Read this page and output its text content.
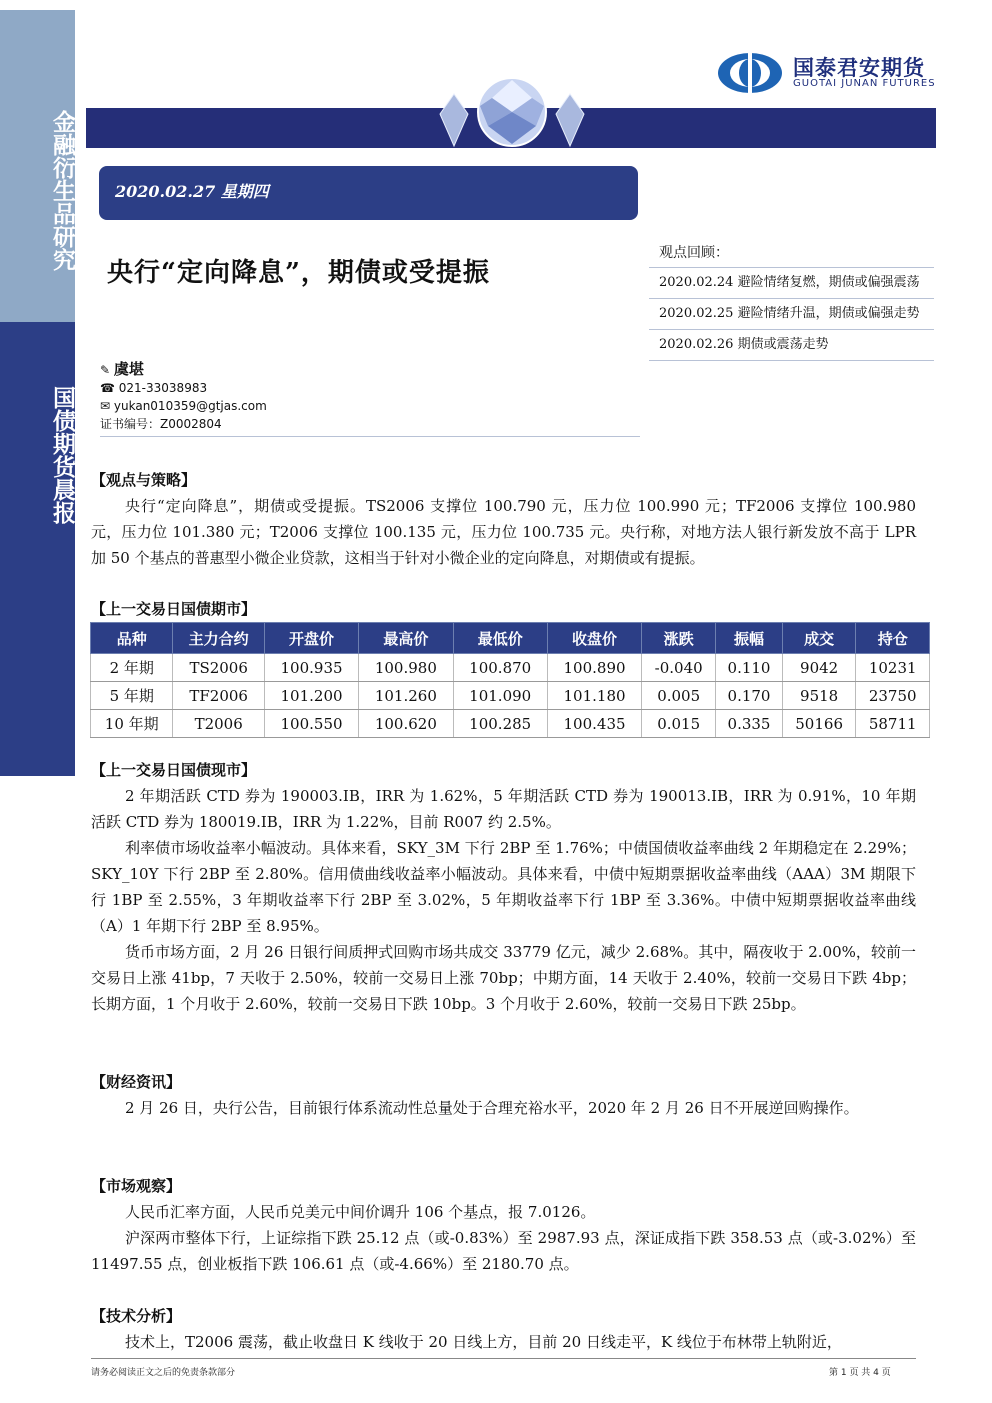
金融衍生品研究
国债期货晨报
国泰君安期货
GUOTAI JUNAN FUTURES
2020.02.27 星期四
央行“定向降息”，期债或受提振
观点回顾：
2020.02.24 避险情绪复燃，期债或偏强震荡
2020.02.25 避险情绪升温，期债或偏强走势
2020.02.26 期债或震荡走势
✎ 虞堪
☎ 021-33038983
✉ yukan010359@gtjas.com
证书编号：Z0002804
【观点与策略】

央行“定向降息”，期债或受提振。TS2006 支撑位 100.790 元，压力位 100.990 元；TF2006 支撑位 100.980 元，压力位 101.380 元；T2006 支撑位 100.135 元，压力位 100.735 元。央行称，对地方法人银行新发放不高于 LPR 加 50 个基点的普惠型小微企业贷款，这相当于针对小微企业的定向降息，对期债或有提振。

【上一交易日国债期市】
品种	主力合约	开盘价	最高价	最低价	收盘价	涨跌	振幅	成交	持仓
2 年期	TS2006	100.935	100.980	100.870	100.890	-0.040	0.110	9042	10231
5 年期	TF2006	101.200	101.260	101.090	101.180	0.005	0.170	9518	23750
10 年期	T2006	100.550	100.620	100.285	100.435	0.015	0.335	50166	58711
【上一交易日国债现市】

2 年期活跃 CTD 券为 190003.IB，IRR 为 1.62%，5 年期活跃 CTD 券为 190013.IB，IRR 为 0.91%，10 年期活跃 CTD 券为 180019.IB，IRR 为 1.22%，目前 R007 约 2.5%。

利率债市场收益率小幅波动。具体来看，SKY_3M 下行 2BP 至 1.76%；中债国债收益率曲线 2 年期稳定在 2.29%；SKY_10Y 下行 2BP 至 2.80%。信用债曲线收益率小幅波动。具体来看，中债中短期票据收益率曲线（AAA）3M 期限下行 1BP 至 2.55%，3 年期收益率下行 2BP 至 3.02%，5 年期收益率下行 1BP 至 3.36%。中债中短期票据收益率曲线（A）1 年期下行 2BP 至 8.95%。

货币市场方面，2 月 26 日银行间质押式回购市场共成交 33779 亿元，减少 2.68%。其中，隔夜收于 2.00%，较前一交易日上涨 41bp，7 天收于 2.50%，较前一交易日上涨 70bp；中期方面，14 天收于 2.40%，较前一交易日下跌 4bp；长期方面，1 个月收于 2.60%，较前一交易日下跌 10bp。3 个月收于 2.60%，较前一交易日下跌 25bp。

【财经资讯】

2 月 26 日，央行公告，目前银行体系流动性总量处于合理充裕水平，2020 年 2 月 26 日不开展逆回购操作。

【市场观察】

人民币汇率方面，人民币兑美元中间价调升 106 个基点，报 7.0126。

沪深两市整体下行，上证综指下跌 25.12 点（或-0.83%）至 2987.93 点，深证成指下跌 358.53 点（或-3.02%）至 11497.55 点，创业板指下跌 106.61 点（或-4.66%）至 2180.70 点。

【技术分析】

技术上，T2006 震荡，截止收盘日 K 线收于 20 日线上方，目前 20 日线走平，K 线位于布林带上轨附近，

请务必阅读正文之后的免责条款部分	第 1 页 共 4 页
